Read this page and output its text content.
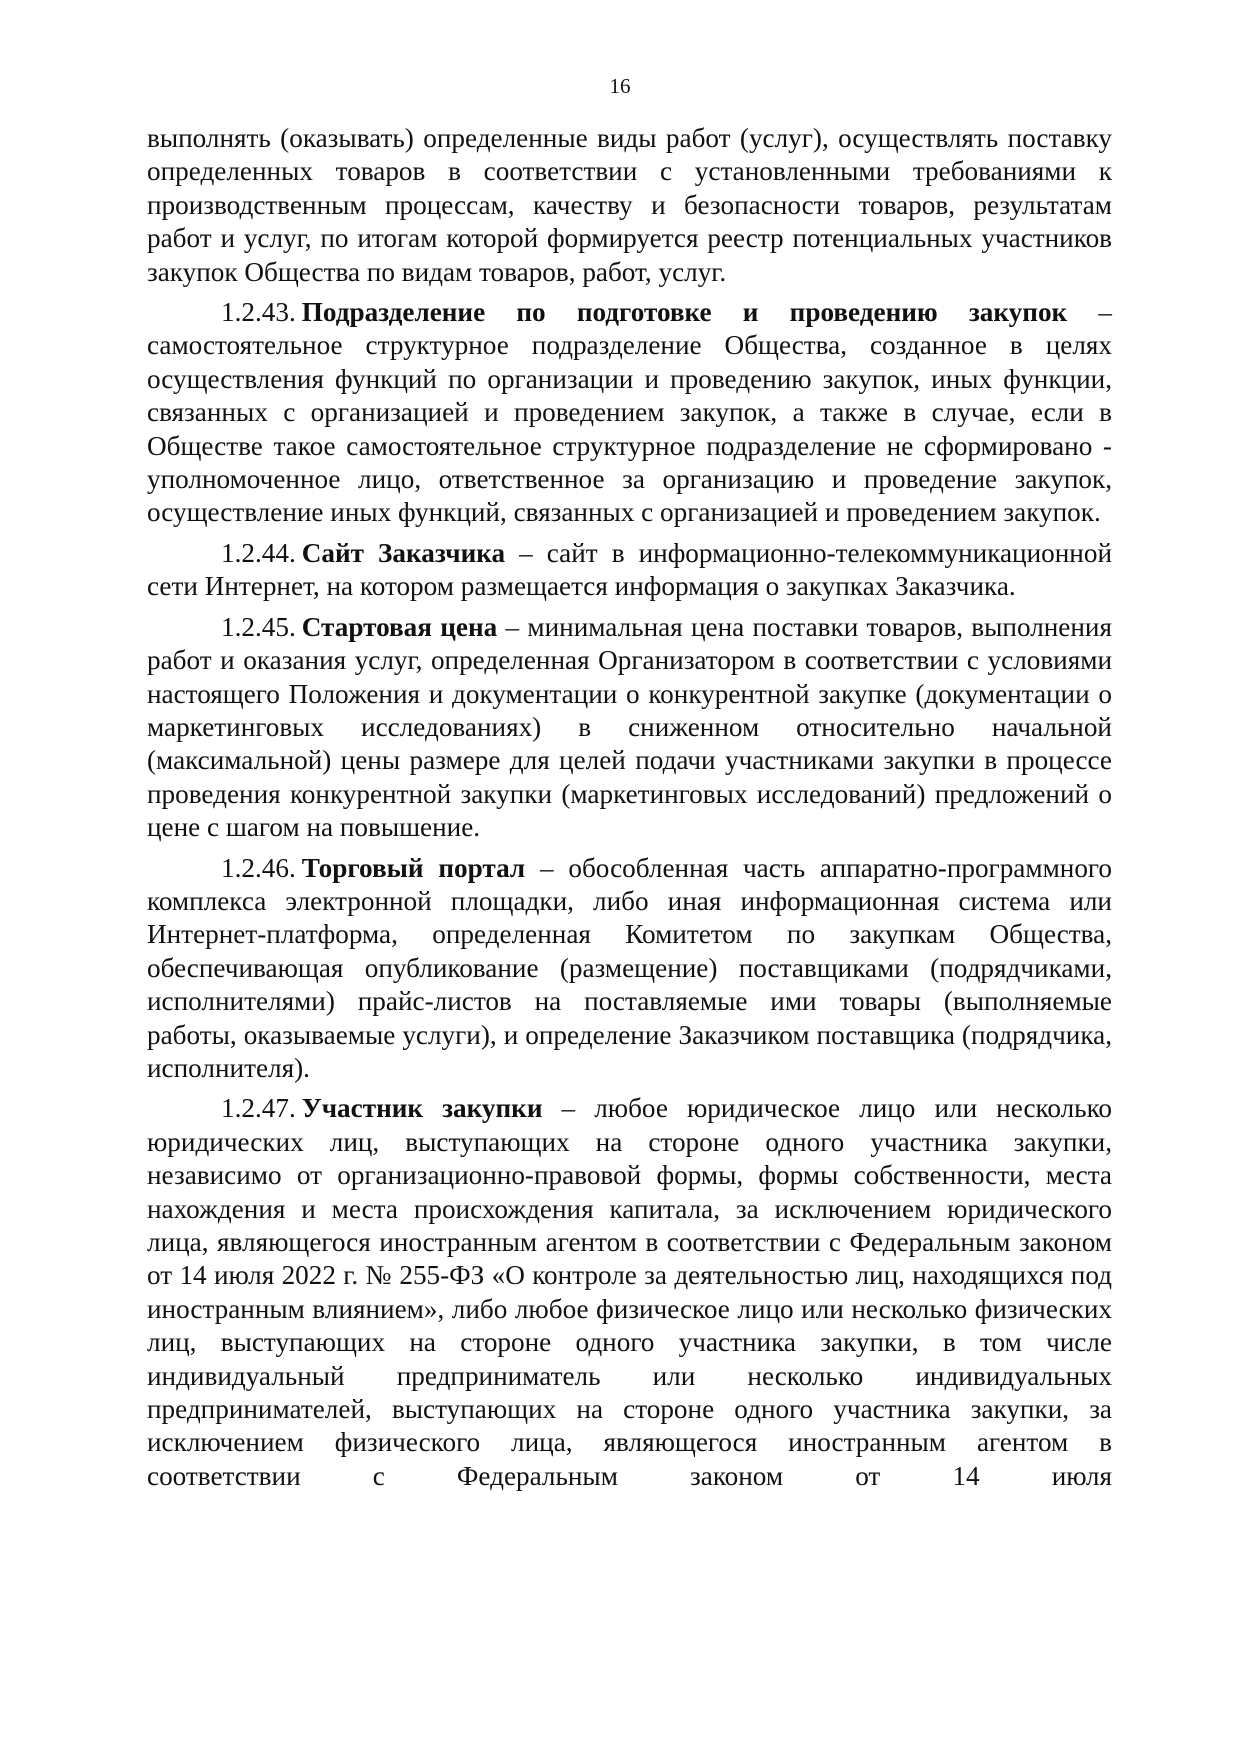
16

выполнять (оказывать) определенные виды работ (услуг), осуществлять поставку определенных товаров в соответствии с установленными требованиями к производственным процессам, качеству и безопасности товаров, результатам работ и услуг, по итогам которой формируется реестр потенциальных участников закупок Общества по видам товаров, работ, услуг.

1.2.43. Подразделение по подготовке и проведению закупок – самостоятельное структурное подразделение Общества, созданное в целях осуществления функций по организации и проведению закупок, иных функции, связанных с организацией и проведением закупок, а также в случае, если в Обществе такое самостоятельное структурное подразделение не сформировано - уполномоченное лицо, ответственное за организацию и проведение закупок, осуществление иных функций, связанных с организацией и проведением закупок.

1.2.44. Сайт Заказчика – сайт в информационно-телекоммуникационной сети Интернет, на котором размещается информация о закупках Заказчика.

1.2.45. Стартовая цена – минимальная цена поставки товаров, выполнения работ и оказания услуг, определенная Организатором в соответствии с условиями настоящего Положения и документации о конкурентной закупке (документации о маркетинговых исследованиях) в сниженном относительно начальной (максимальной) цены размере для целей подачи участниками закупки в процессе проведения конкурентной закупки (маркетинговых исследований) предложений о цене с шагом на повышение.

1.2.46. Торговый портал – обособленная часть аппаратно-программного комплекса электронной площадки, либо иная информационная система или Интернет-платформа, определенная Комитетом по закупкам Общества, обеспечивающая опубликование (размещение) поставщиками (подрядчиками, исполнителями) прайс-листов на поставляемые ими товары (выполняемые работы, оказываемые услуги), и определение Заказчиком поставщика (подрядчика, исполнителя).

1.2.47. Участник закупки – любое юридическое лицо или несколько юридических лиц, выступающих на стороне одного участника закупки, независимо от организационно-правовой формы, формы собственности, места нахождения и места происхождения капитала, за исключением юридического лица, являющегося иностранным агентом в соответствии с Федеральным законом от 14 июля 2022 г. № 255-ФЗ «О контроле за деятельностью лиц, находящихся под иностранным влиянием», либо любое физическое лицо или несколько физических лиц, выступающих на стороне одного участника закупки, в том числе индивидуальный предприниматель или несколько индивидуальных предпринимателей, выступающих на стороне одного участника закупки, за исключением физического лица, являющегося иностранным агентом в соответствии с Федеральным законом от 14 июля
